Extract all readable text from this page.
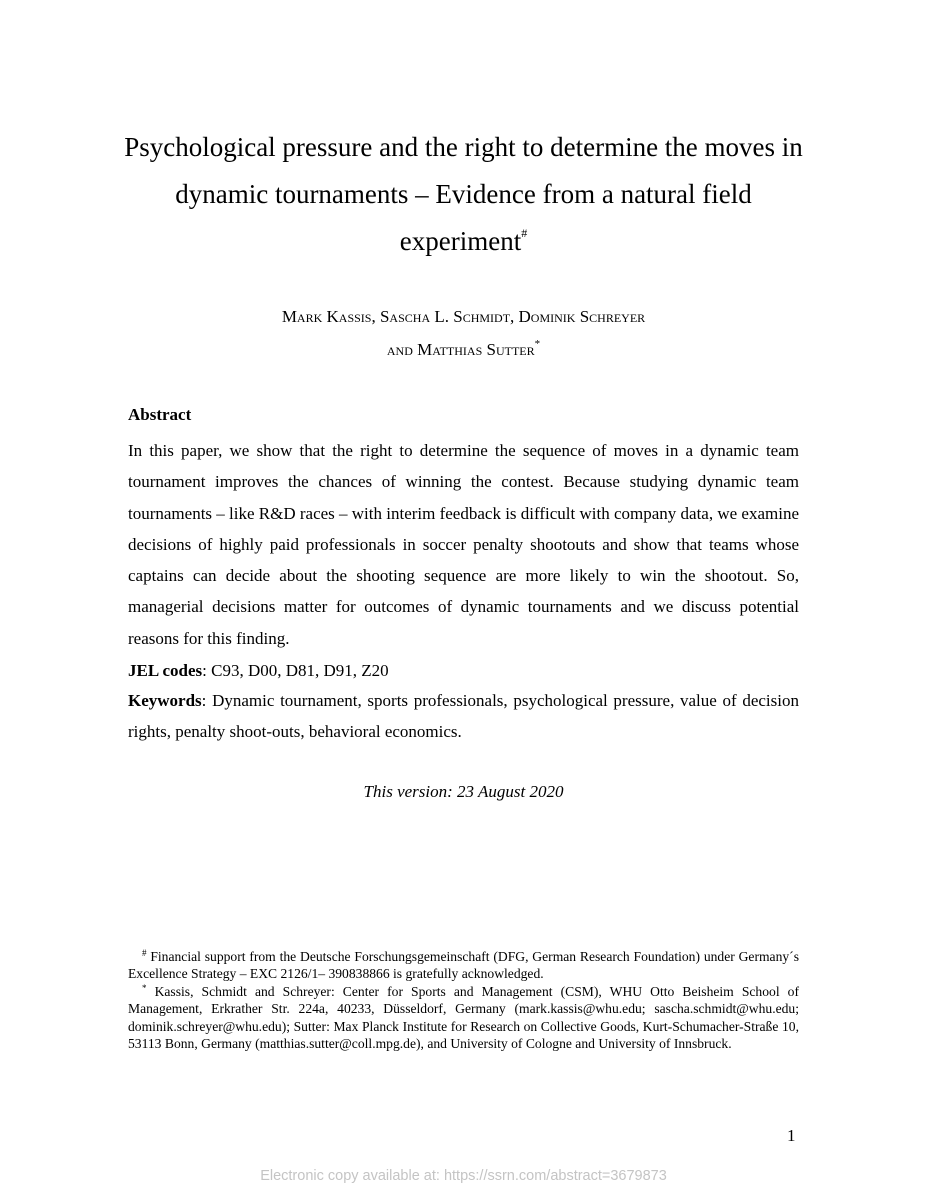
Psychological pressure and the right to determine the moves in dynamic tournaments – Evidence from a natural field experiment#
Mark Kassis, Sascha L. Schmidt, Dominik Schreyer
and Matthias Sutter*
Abstract

In this paper, we show that the right to determine the sequence of moves in a dynamic team tournament improves the chances of winning the contest. Because studying dynamic team tournaments – like R&D races – with interim feedback is difficult with company data, we examine decisions of highly paid professionals in soccer penalty shootouts and show that teams whose captains can decide about the shooting sequence are more likely to win the shootout. So, managerial decisions matter for outcomes of dynamic tournaments and we discuss potential reasons for this finding.

JEL codes: C93, D00, D81, D91, Z20

Keywords: Dynamic tournament, sports professionals, psychological pressure, value of decision rights, penalty shoot-outs, behavioral economics.

This version: 23 August 2020

# Financial support from the Deutsche Forschungsgemeinschaft (DFG, German Research Foundation) under Germany´s Excellence Strategy – EXC 2126/1– 390838866 is gratefully acknowledged.

* Kassis, Schmidt and Schreyer: Center for Sports and Management (CSM), WHU Otto Beisheim School of Management, Erkrather Str. 224a, 40233, Düsseldorf, Germany (mark.kassis@whu.edu; sascha.schmidt@whu.edu; dominik.schreyer@whu.edu); Sutter: Max Planck Institute for Research on Collective Goods, Kurt-Schumacher-Straße 10, 53113 Bonn, Germany (matthias.sutter@coll.mpg.de), and University of Cologne and University of Innsbruck.

1
Electronic copy available at: https://ssrn.com/abstract=3679873
